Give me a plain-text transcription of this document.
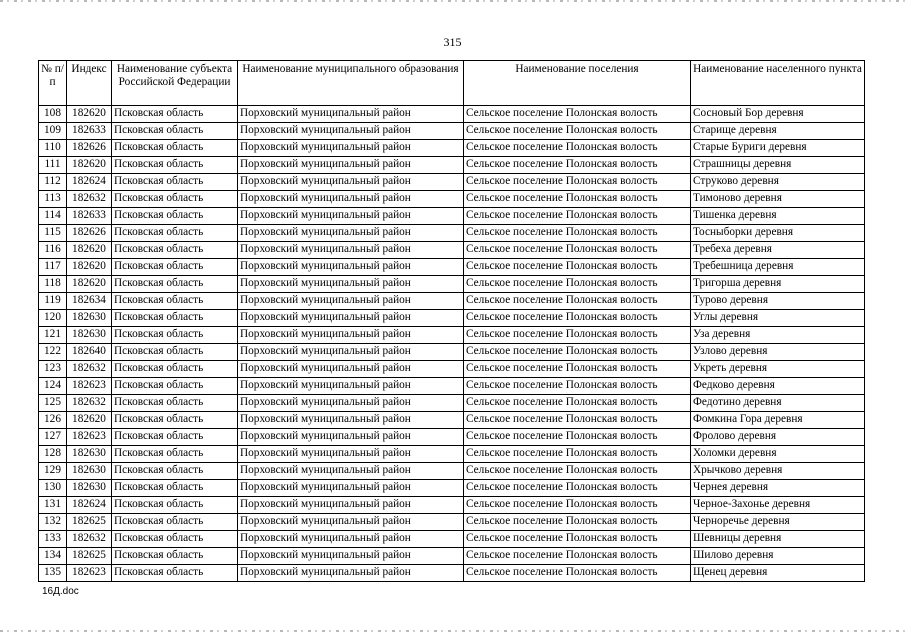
315
№ п/п	Индекс	Наименование субъекта Российской Федерации	Наименование муниципального образования	Наименование поселения	Наименование населенного пункта
108	182620	Псковская область	Порховский муниципальный район	Сельское поселение Полонская волость	Сосновый Бор деревня
109	182633	Псковская область	Порховский муниципальный район	Сельское поселение Полонская волость	Старище деревня
110	182626	Псковская область	Порховский муниципальный район	Сельское поселение Полонская волость	Старые Буриги деревня
111	182620	Псковская область	Порховский муниципальный район	Сельское поселение Полонская волость	Страшницы деревня
112	182624	Псковская область	Порховский муниципальный район	Сельское поселение Полонская волость	Струково деревня
113	182632	Псковская область	Порховский муниципальный район	Сельское поселение Полонская волость	Тимоново деревня
114	182633	Псковская область	Порховский муниципальный район	Сельское поселение Полонская волость	Тишенка деревня
115	182626	Псковская область	Порховский муниципальный район	Сельское поселение Полонская волость	Тосныборки деревня
116	182620	Псковская область	Порховский муниципальный район	Сельское поселение Полонская волость	Требеха деревня
117	182620	Псковская область	Порховский муниципальный район	Сельское поселение Полонская волость	Требешница деревня
118	182620	Псковская область	Порховский муниципальный район	Сельское поселение Полонская волость	Тригорша деревня
119	182634	Псковская область	Порховский муниципальный район	Сельское поселение Полонская волость	Турово деревня
120	182630	Псковская область	Порховский муниципальный район	Сельское поселение Полонская волость	Углы деревня
121	182630	Псковская область	Порховский муниципальный район	Сельское поселение Полонская волость	Уза деревня
122	182640	Псковская область	Порховский муниципальный район	Сельское поселение Полонская волость	Узлово деревня
123	182632	Псковская область	Порховский муниципальный район	Сельское поселение Полонская волость	Укреть деревня
124	182623	Псковская область	Порховский муниципальный район	Сельское поселение Полонская волость	Федково деревня
125	182632	Псковская область	Порховский муниципальный район	Сельское поселение Полонская волость	Федотино деревня
126	182620	Псковская область	Порховский муниципальный район	Сельское поселение Полонская волость	Фомкина Гора деревня
127	182623	Псковская область	Порховский муниципальный район	Сельское поселение Полонская волость	Фролово деревня
128	182630	Псковская область	Порховский муниципальный район	Сельское поселение Полонская волость	Холомки деревня
129	182630	Псковская область	Порховский муниципальный район	Сельское поселение Полонская волость	Хрычково деревня
130	182630	Псковская область	Порховский муниципальный район	Сельское поселение Полонская волость	Чернея деревня
131	182624	Псковская область	Порховский муниципальный район	Сельское поселение Полонская волость	Черное-Захонье деревня
132	182625	Псковская область	Порховский муниципальный район	Сельское поселение Полонская волость	Черноречье деревня
133	182632	Псковская область	Порховский муниципальный район	Сельское поселение Полонская волость	Шевницы деревня
134	182625	Псковская область	Порховский муниципальный район	Сельское поселение Полонская волость	Шилово деревня
135	182623	Псковская область	Порховский муниципальный район	Сельское поселение Полонская волость	Щенец деревня
16Д.doc
